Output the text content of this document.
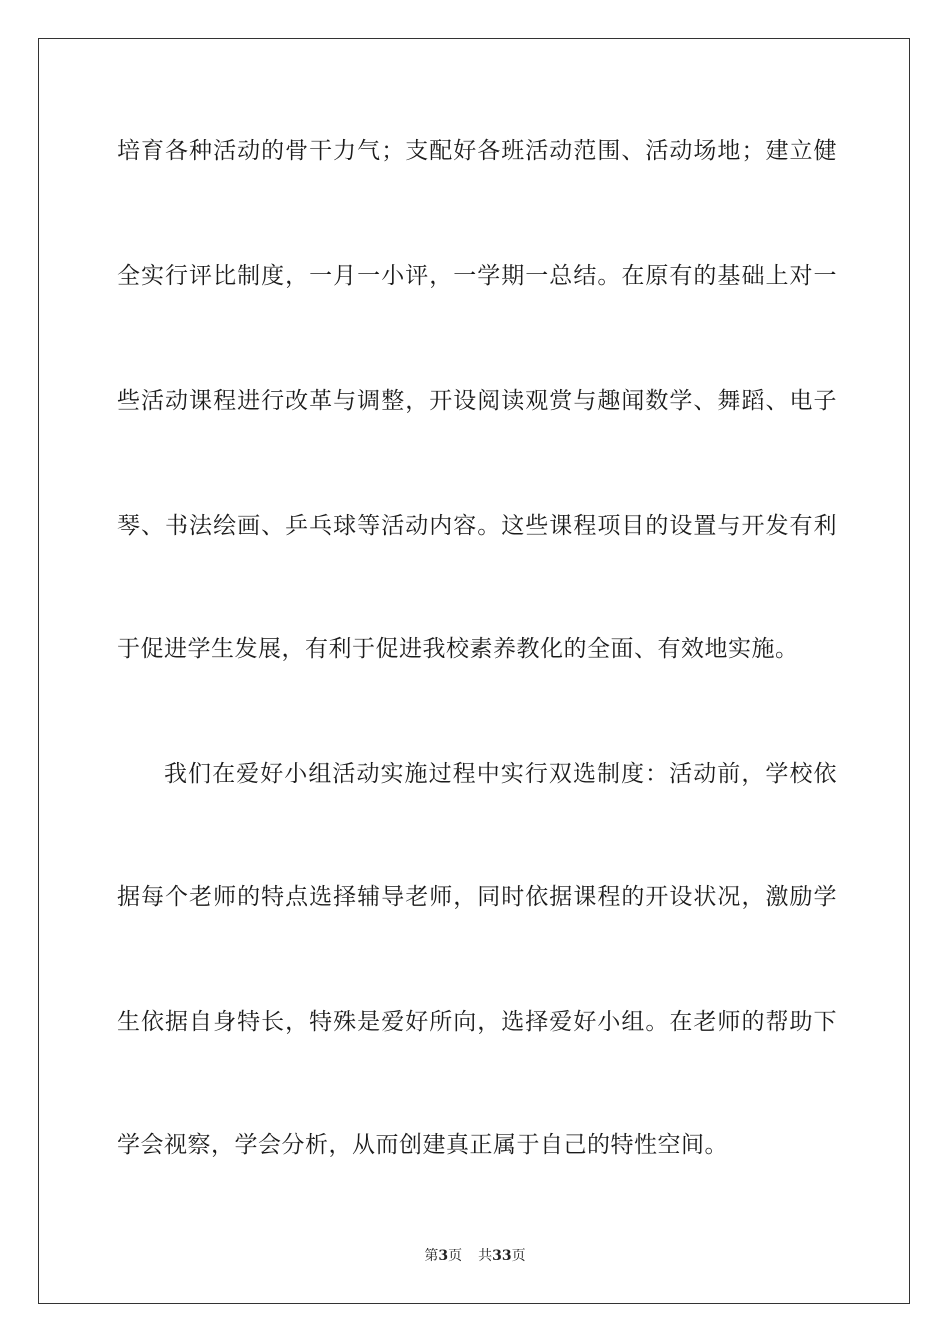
培育各种活动的骨干力气；支配好各班活动范围、活动场地；建立健
全实行评比制度，一月一小评，一学期一总结。在原有的基础上对一
些活动课程进行改革与调整，开设阅读观赏与趣闻数学、舞蹈、电子
琴、书法绘画、乒乓球等活动内容。这些课程项目的设置与开发有利
于促进学生发展，有利于促进我校素养教化的全面、有效地实施。
我们在爱好小组活动实施过程中实行双选制度：活动前，学校依
据每个老师的特点选择辅导老师，同时依据课程的开设状况，激励学
生依据自身特长，特殊是爱好所向，选择爱好小组。在老师的帮助下
学会视察，学会分析，从而创建真正属于自己的特性空间。
第3页 共33页
